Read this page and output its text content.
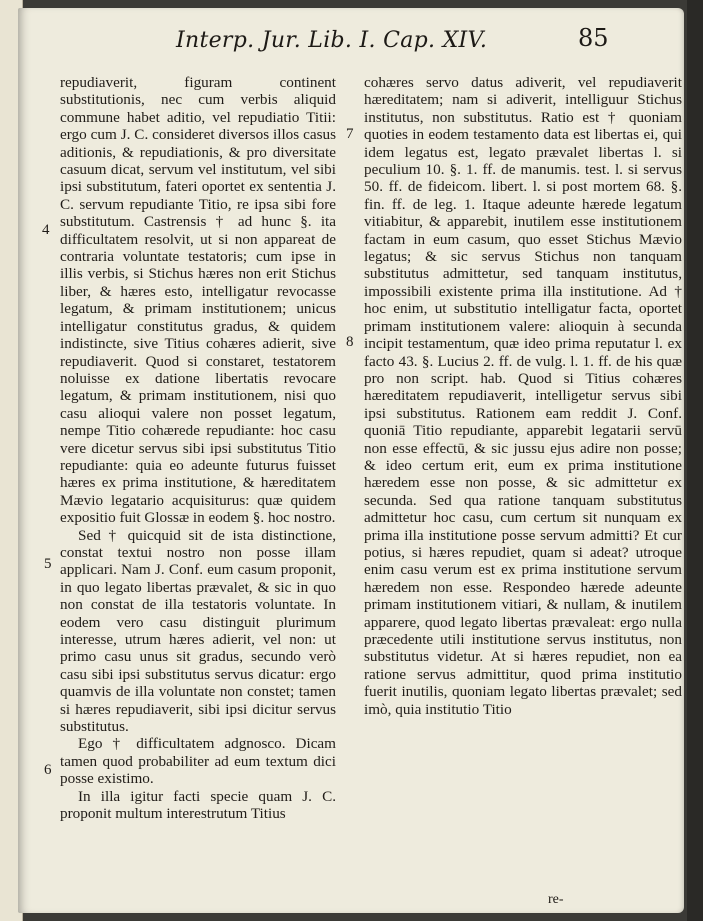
Interp. Jur. Lib. I. Cap. XIV.	85

repudiaverit, figuram continent substitutionis, nec cum verbis aliquid commune habet aditio, vel repudiatio Titii: ergo cum J. C. consideret diversos illos casus aditionis, & repudiationis, & pro diversitate casuum dicat, servum vel institutum, vel sibi ipsi substitutum, fateri oportet ex sententia J. C. servum repudiante Titio, re ipsa sibi fore substitutum. Castrensis † ad hunc §. ita difficultatem resolvit, ut si non appareat de contraria voluntate testatoris; cum ipse in illis verbis, si Stichus hæres non erit Stichus liber, & hæres esto, intelligatur revocasse legatum, & primam institutionem; unicus intelligatur constitutus gradus, & quidem indistincte, sive Titius cohæres adierit, sive repudiaverit. Quod si constaret, testatorem noluisse ex datione libertatis revocare legatum, & primam institutionem, nisi quo casu alioqui valere non posset legatum, nempe Titio cohærede repudiante: hoc casu vere dicetur servus sibi ipsi substitutus Titio repudiante: quia eo adeunte futurus fuisset hæres ex prima institutione, & hæreditatem Mævio legatario acquisiturus: quæ quidem expositio fuit Glossæ in eodem §. hoc nostro.

Sed † quicquid sit de ista distinctione, constat textui nostro non posse illam applicari. Nam J. Conf. eum casum proponit, in quo legato libertas prævalet, & sic in quo non constat de illa testatoris voluntate. In eodem vero casu distinguit plurimum interesse, utrum hæres adierit, vel non: ut primo casu unus sit gradus, secundo verò casu sibi ipsi substitutus servus dicatur: ergo quamvis de illa voluntate non constet; tamen si hæres repudiaverit, sibi ipsi dicitur servus substitutus.

Ego † difficultatem adgnosco. Dicam tamen quod probabiliter ad eum textum dici posse existimo.

In illa igitur facti specie quam J. C. proponit multum interestrutum Titius

4
5
6

cohæres servo datus adiverit, vel repudiaverit hæreditatem; nam si adiverit, intelliguur Stichus institutus, non substitutus. Ratio est † quoniam quoties in eodem testamento data est libertas ei, qui idem legatus est, legato prævalet libertas l. si peculium 10. §. 1. ff. de manumis. test. l. si servus 50. ff. de fideicom. libert. l. si post mortem 68. §. fin. ff. de leg. 1. Itaque adeunte hærede legatum vitiabitur, & apparebit, inutilem esse institutionem factam in eum casum, quo esset Stichus Mævio legatus; & sic servus Stichus non tanquam substitutus admittetur, sed tanquam institutus, impossibili existente prima illa institutione. Ad † hoc enim, ut substitutio intelligatur facta, oportet primam institutionem valere: alioquin à secunda incipit testamentum, quæ ideo prima reputatur l. ex facto 43. §. Lucius 2. ff. de vulg. l. 1. ff. de his quæ pro non script. hab. Quod si Titius cohæres hæreditatem repudiaverit, intelligetur servus sibi ipsi substitutus. Rationem eam reddit J. Conf. quoniā Titio repudiante, apparebit legatarii servū non esse effectū, & sic jussu ejus adire non posse; & ideo certum erit, eum ex prima institutione hæredem esse non posse, & sic admittetur ex secunda. Sed qua ratione tanquam substitutus admittetur hoc casu, cum certum sit nunquam ex prima illa institutione posse servum admitti? Et cur potius, si hæres repudiet, quam si adeat? utroque enim casu verum est ex prima institutione servum hæredem non esse. Respondeo hærede adeunte primam institutionem vitiari, & nullam, & inutilem apparere, quod legato libertas prævaleat: ergo nulla præcedente utili institutione servus institutus, non substitutus videtur. At si hæres repudiet, non ea ratione servus admittitur, quod prima institutio fuerit inutilis, quoniam legato libertas prævalet; sed imò, quia institutio Titio

7
8
re-
